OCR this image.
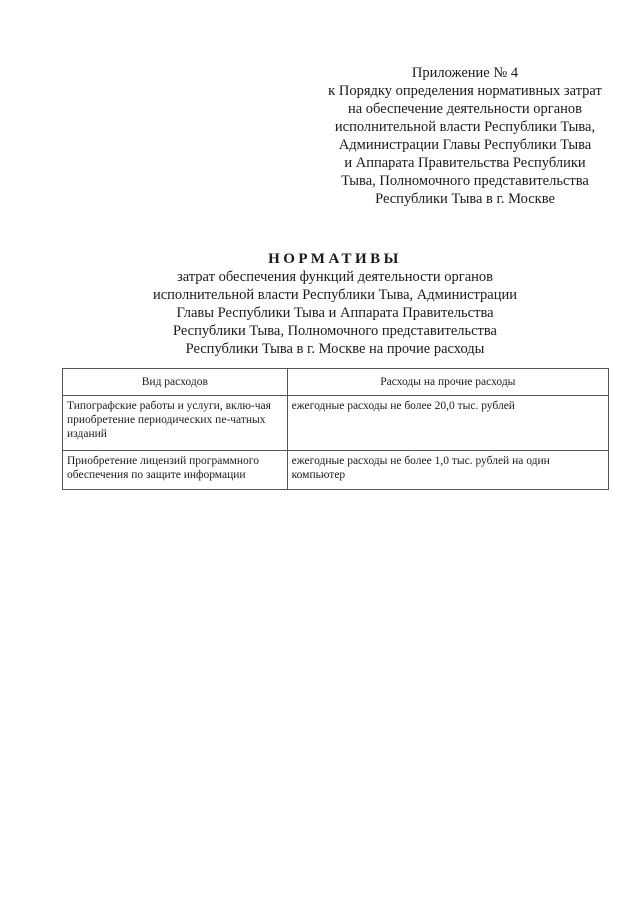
Приложение № 4
к Порядку определения нормативных затрат
на обеспечение деятельности органов
исполнительной власти Республики Тыва,
Администрации Главы Республики Тыва
и Аппарата Правительства Республики
Тыва, Полномочного представительства
Республики Тыва в г. Москве
НОРМАТИВЫ
затрат обеспечения функций деятельности органов
исполнительной власти Республики Тыва, Администрации
Главы Республики Тыва и Аппарата Правительства
Республики Тыва, Полномочного представительства
Республики Тыва в г. Москве на прочие расходы
Вид расходов	Расходы на прочие расходы
Типографские работы и услуги, вклю-чая приобретение периодических пе-чатных изданий	ежегодные расходы не более 20,0 тыс. рублей
Приобретение лицензий программного обеспечения по защите информации	ежегодные расходы не более 1,0 тыс. рублей на один компьютер
